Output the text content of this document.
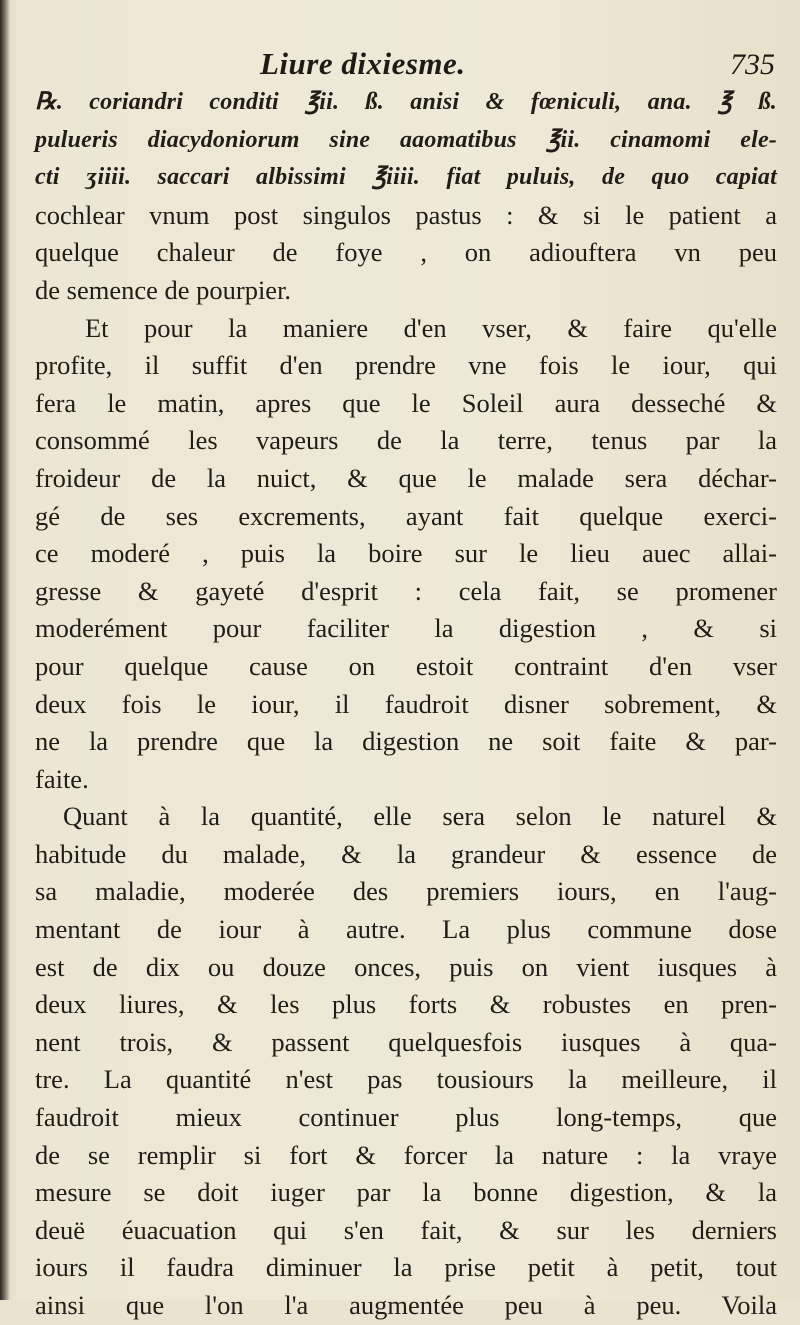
Liure dixiesme.	735
℞. coriandri conditi ℥ii. ß. anisi & fœniculi, ana. ℥ ß.
pulueris diacydoniorum sine aaomatibus ℥ii. cinamomi ele-
cti ʒiiii. saccari albissimi ℥iiii. fiat puluis, de quo capiat
cochlear vnum post singulos pastus : & si le patient a
quelque chaleur de foye , on adiouftera vn peu
de semence de pourpier.
Et pour la maniere d'en vser, & faire qu'elle
profite, il suffit d'en prendre vne fois le iour, qui
fera le matin, apres que le Soleil aura desseché &
consommé les vapeurs de la terre, tenus par la
froideur de la nuict, & que le malade sera déchar-
gé de ses excrements, ayant fait quelque exerci-
ce moderé , puis la boire sur le lieu auec allai-
gresse & gayeté d'esprit : cela fait, se promener
moderément pour faciliter la digestion , & si
pour quelque cause on estoit contraint d'en vser
deux fois le iour, il faudroit disner sobrement, &
ne la prendre que la digestion ne soit faite & par-
faite.
Quant à la quantité, elle sera selon le naturel &
habitude du malade, & la grandeur & essence de
sa maladie, moderée des premiers iours, en l'aug-
mentant de iour à autre. La plus commune dose
est de dix ou douze onces, puis on vient iusques à
deux liures, & les plus forts & robustes en pren-
nent trois, & passent quelquesfois iusques à qua-
tre. La quantité n'est pas tousiours la meilleure, il
faudroit mieux continuer plus long-temps, que
de se remplir si fort & forcer la nature : la vraye
mesure se doit iuger par la bonne digestion, & la
deuë éuacuation qui s'en fait, & sur les derniers
iours il faudra diminuer la prise petit à petit, tout
ainsi que l'on l'a augmentée peu à peu. Voila
